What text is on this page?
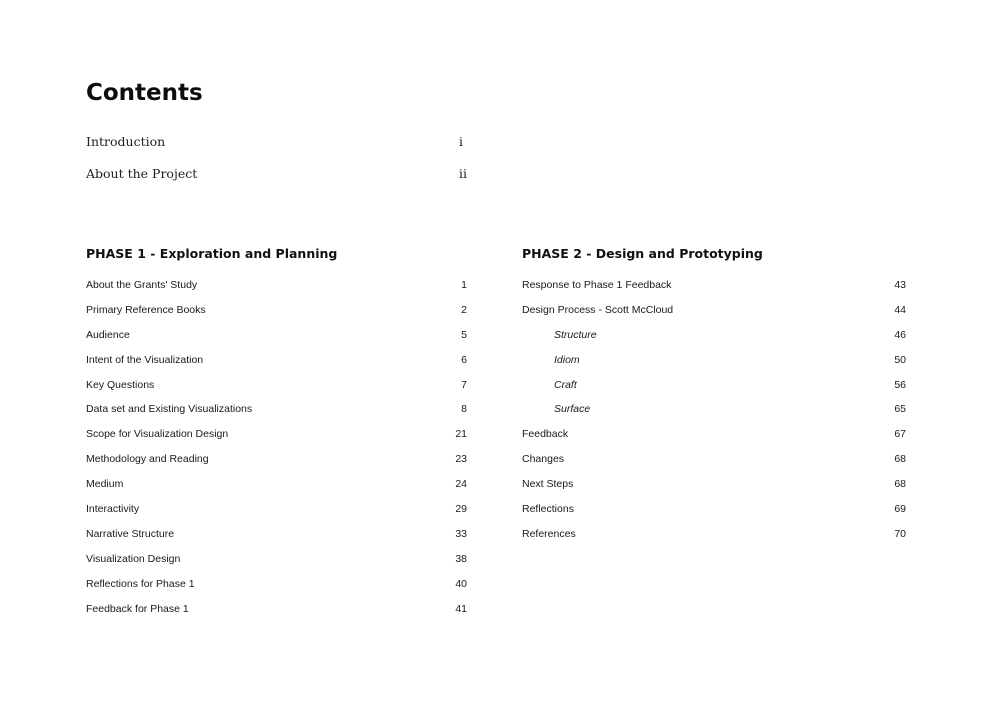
Contents
Introduction	i
About the Project	ii
PHASE 1 - Exploration and Planning	PHASE 2 - Design and Prototyping
About the Grants' Study	1
Primary Reference Books	2
Audience	5
Intent of the Visualization	6
Key Questions	7
Data set and Existing Visualizations	8
Scope for Visualization Design	21
Methodology and Reading	23
Medium	24
Interactivity	29
Narrative Structure	33
Visualization Design	38
Reflections for Phase 1	40
Feedback for Phase 1	41
Response to Phase 1 Feedback	43
Design Process - Scott McCloud	44
Structure	46
Idiom	50
Craft	56
Surface	65
Feedback	67
Changes	68
Next Steps	68
Reflections	69
References	70
